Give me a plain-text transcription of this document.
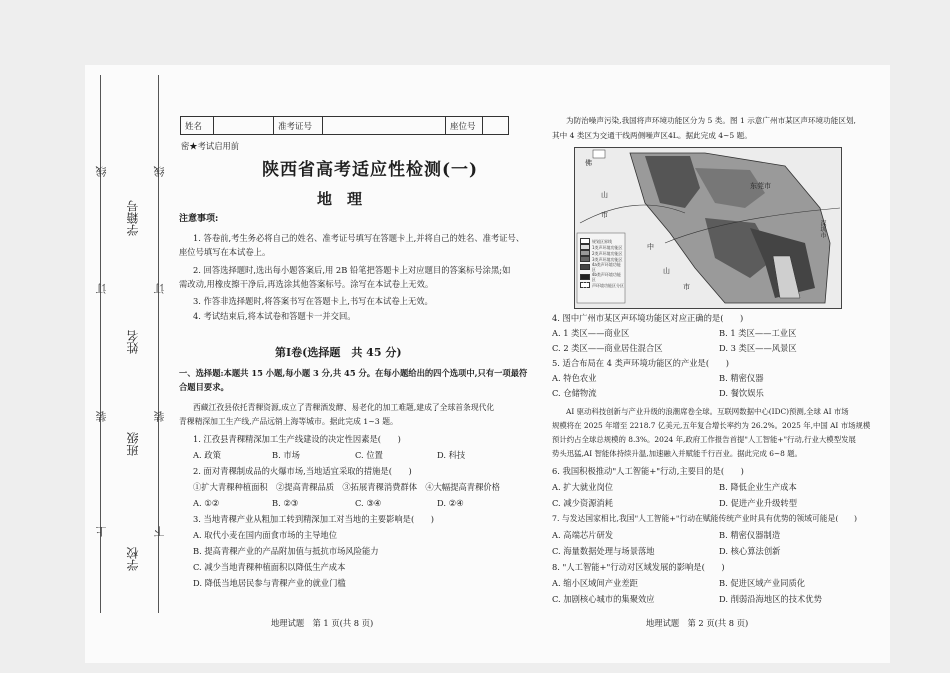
线
订
装
上
线
订
装
下
学籍号
姓名
班级
学校
姓名	准考证号	座位号
密★考试启用前
陕西省高考适应性检测(一)
地　理
注意事项:
1. 答卷前,考生务必将自己的姓名、准考证号填写在答题卡上,并将自己的姓名、准考证号、
座位号填写在本试卷上。
2. 回答选择题时,选出每小题答案后,用 2B 铅笔把答题卡上对应题目的答案标号涂黑;如
需改动,用橡皮擦干净后,再选涂其他答案标号。涂写在本试卷上无效。
3. 作答非选择题时,将答案书写在答题卡上,书写在本试卷上无效。
4. 考试结束后,将本试卷和答题卡一并交回。
第Ⅰ卷(选择题　共 45 分)
一、选择题:本题共 15 小题,每小题 3 分,共 45 分。在每小题给出的四个选项中,只有一项最符
合题目要求。
西藏江孜县依托青稞资源,成立了青稞酒发酵、易老化的加工难题,建成了全球首条现代化
青稞精深加工生产线,产品远销上海等城市。据此完成 1~3 题。
1. 江孜县青稞精深加工生产线建设的决定性因素是(　　)
A. 政策	B. 市场	C. 位置	D. 科技
2. 面对青稞制成品的火爆市场,当地适宜采取的措施是(　　)
①扩大青稞种植面积　②提高青稞品质　③拓展青稞消费群体　④大幅提高青稞价格
A. ①②	B. ②③	C. ③④	D. ②④
3. 当地青稞产业从粗加工转到精深加工对当地的主要影响是(　　)
A. 取代小麦在国内面食市场的主导地位
B. 提高青稞产业的产品附加值与抵抗市场风险能力
C. 减少当地青稞种植面积以降低生产成本
D. 降低当地居民参与青稞产业的就业门槛
地理试题　第 1 页(共 8 页)
为防治噪声污染,我国将声环境功能区分为 5 类。图 1 示意广州市某区声环境功能区划,
其中 4 类区为交通干线两侧噪声区4L。据此完成 4~5 题。
佛
山
市
东莞市
深圳市
中
山
市
规划区界线
1类声环境功能区
2类声环境功能区
3类声环境功能区
4a类声环境功能区
4b类声环境功能区
声环境功能区分区
4. 图中广州市某区声环境功能区对应正确的是(　　)
A. 1 类区——商业区	B. 1 类区——工业区
C. 2 类区——商业居住混合区	D. 3 类区——风景区
5. 适合布局在 4 类声环境功能区的产业是(　　)
A. 特色农业	B. 精密仪器
C. 仓储物流	D. 餐饮娱乐
AI 驱动科技创新与产业升级的浪潮席卷全球。互联网数据中心(IDC)预测,全球 AI 市场
规模将在 2025 年增至 2218.7 亿美元,五年复合增长率约为 26.2%。2025 年,中国 AI 市场规模
预计约占全球总规模的 8.3%。2024 年,政府工作报告首提"人工智能+"行动,行业大模型发展
势头迅猛,AI 智能体持续升温,加速融入并赋能千行百业。据此完成 6~8 题。
6. 我国积极推动"人工智能+"行动,主要目的是(　　)
A. 扩大就业岗位	B. 降低企业生产成本
C. 减少资源消耗	D. 促进产业升级转型
7. 与发达国家相比,我国"人工智能+"行动在赋能传统产业时具有优势的领域可能是(　　)
A. 高端芯片研发	B. 精密仪器制造
C. 海量数据处理与场景落地	D. 核心算法创新
8. "人工智能+"行动对区域发展的影响是(　　)
A. 缩小区域间产业差距	B. 促进区域产业同质化
C. 加剧核心城市的集聚效应	D. 削弱沿海地区的技术优势
地理试题　第 2 页(共 8 页)
